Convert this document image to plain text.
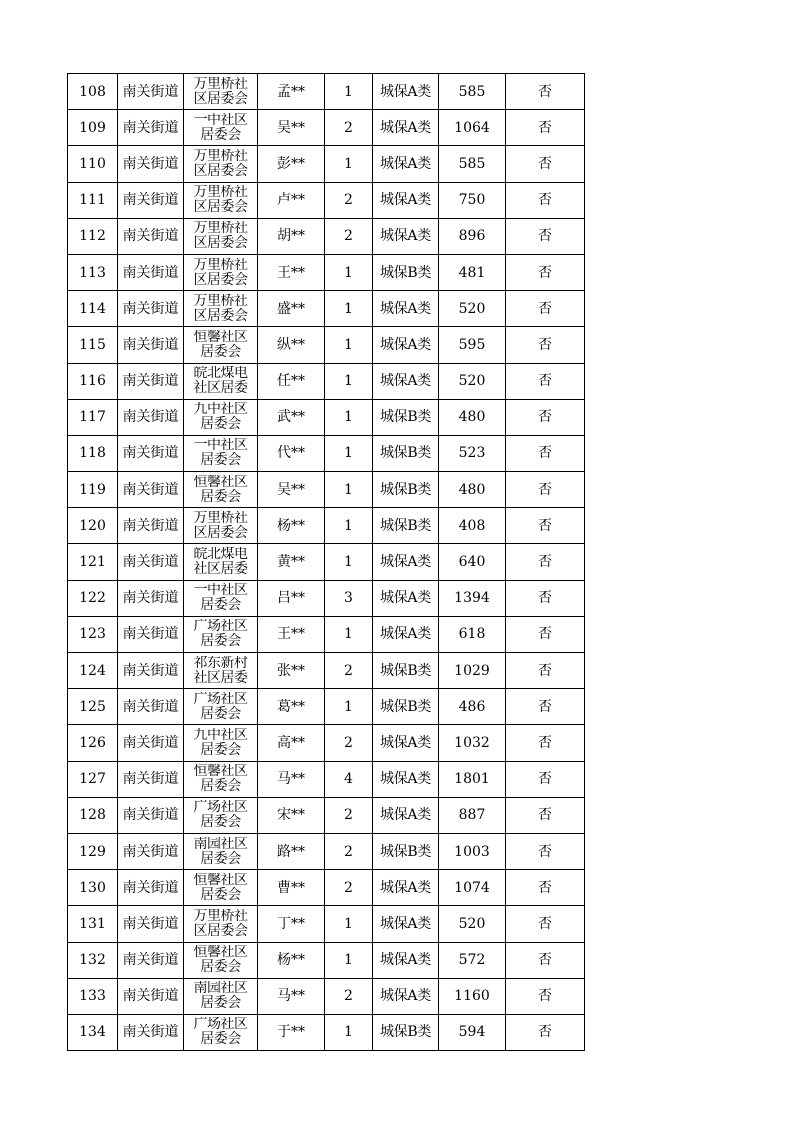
108	南关街道	万里桥社区居委会	孟**	1	城保A类	585	否
109	南关街道	一中社区居委会	吴**	2	城保A类	1064	否
110	南关街道	万里桥社区居委会	彭**	1	城保A类	585	否
111	南关街道	万里桥社区居委会	卢**	2	城保A类	750	否
112	南关街道	万里桥社区居委会	胡**	2	城保A类	896	否
113	南关街道	万里桥社区居委会	王**	1	城保B类	481	否
114	南关街道	万里桥社区居委会	盛**	1	城保A类	520	否
115	南关街道	恒馨社区居委会	纵**	1	城保A类	595	否
116	南关街道	皖北煤电社区居委	任**	1	城保A类	520	否
117	南关街道	九中社区居委会	武**	1	城保B类	480	否
118	南关街道	一中社区居委会	代**	1	城保B类	523	否
119	南关街道	恒馨社区居委会	吴**	1	城保B类	480	否
120	南关街道	万里桥社区居委会	杨**	1	城保B类	408	否
121	南关街道	皖北煤电社区居委	黄**	1	城保A类	640	否
122	南关街道	一中社区居委会	吕**	3	城保A类	1394	否
123	南关街道	广场社区居委会	王**	1	城保A类	618	否
124	南关街道	祁东新村社区居委	张**	2	城保B类	1029	否
125	南关街道	广场社区居委会	葛**	1	城保B类	486	否
126	南关街道	九中社区居委会	高**	2	城保A类	1032	否
127	南关街道	恒馨社区居委会	马**	4	城保A类	1801	否
128	南关街道	广场社区居委会	宋**	2	城保A类	887	否
129	南关街道	南园社区居委会	路**	2	城保B类	1003	否
130	南关街道	恒馨社区居委会	曹**	2	城保A类	1074	否
131	南关街道	万里桥社区居委会	丁**	1	城保A类	520	否
132	南关街道	恒馨社区居委会	杨**	1	城保A类	572	否
133	南关街道	南园社区居委会	马**	2	城保A类	1160	否
134	南关街道	广场社区居委会	于**	1	城保B类	594	否
